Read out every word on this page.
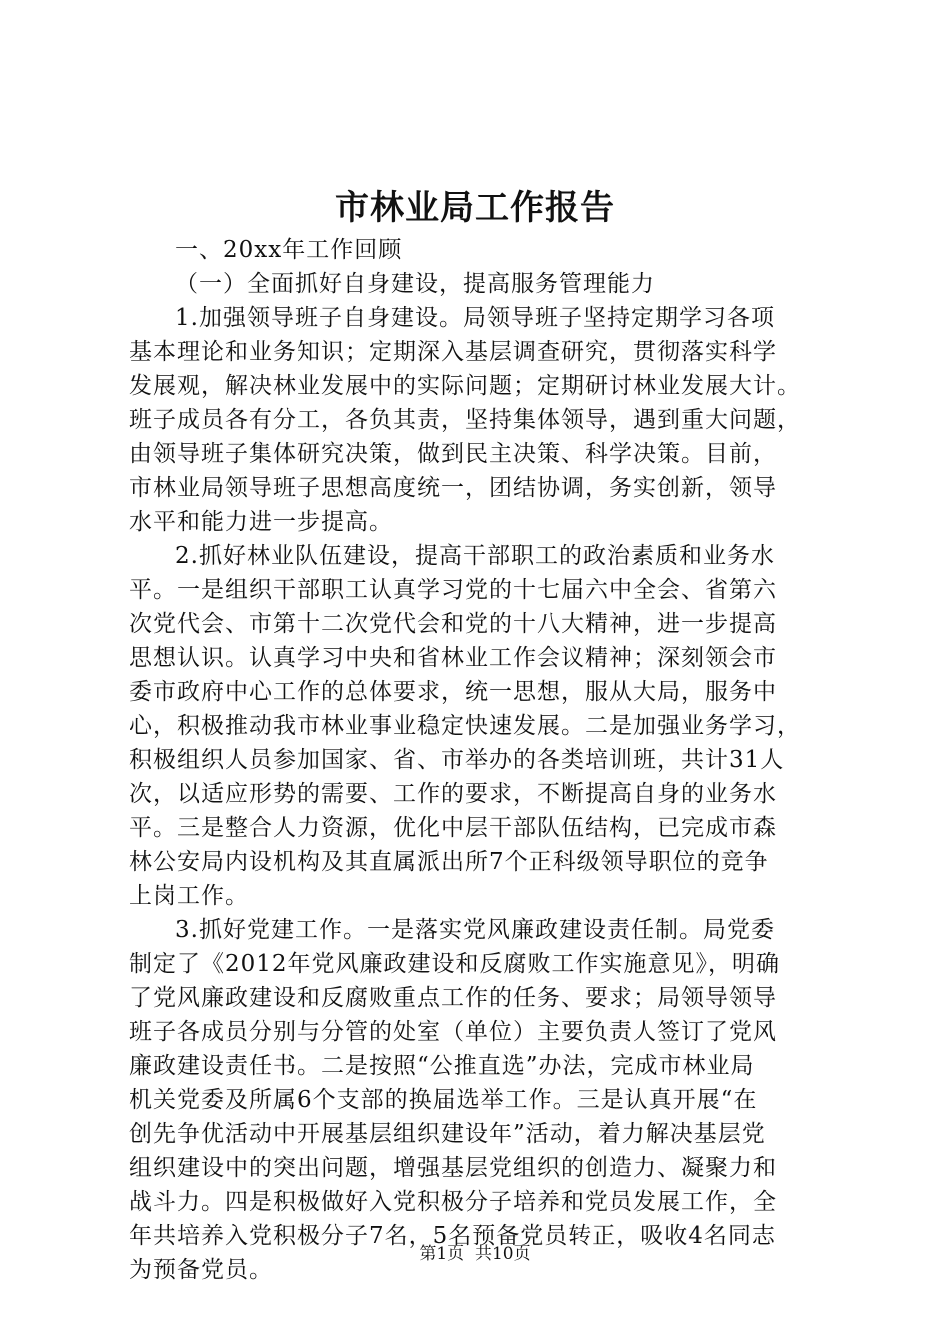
市林业局工作报告
一、20xx年工作回顾
（一）全面抓好自身建设，提高服务管理能力
1.加强领导班子自身建设。局领导班子坚持定期学习各项
基本理论和业务知识；定期深入基层调查研究，贯彻落实科学
发展观，解决林业发展中的实际问题；定期研讨林业发展大计。
班子成员各有分工，各负其责，坚持集体领导，遇到重大问题，
由领导班子集体研究决策，做到民主决策、科学决策。目前，
市林业局领导班子思想高度统一，团结协调，务实创新，领导
水平和能力进一步提高。
2.抓好林业队伍建设，提高干部职工的政治素质和业务水
平。一是组织干部职工认真学习党的十七届六中全会、省第六
次党代会、市第十二次党代会和党的十八大精神，进一步提高
思想认识。认真学习中央和省林业工作会议精神；深刻领会市
委市政府中心工作的总体要求，统一思想，服从大局，服务中
心，积极推动我市林业事业稳定快速发展。二是加强业务学习，
积极组织人员参加国家、省、市举办的各类培训班，共计31人
次，以适应形势的需要、工作的要求，不断提高自身的业务水
平。三是整合人力资源，优化中层干部队伍结构，已完成市森
林公安局内设机构及其直属派出所7个正科级领导职位的竞争
上岗工作。
3.抓好党建工作。一是落实党风廉政建设责任制。局党委
制定了《2012年党风廉政建设和反腐败工作实施意见》，明确
了党风廉政建设和反腐败重点工作的任务、要求；局领导领导
班子各成员分别与分管的处室（单位）主要负责人签订了党风
廉政建设责任书。二是按照“公推直选”办法，完成市林业局
机关党委及所属6个支部的换届选举工作。三是认真开展“在
创先争优活动中开展基层组织建设年”活动，着力解决基层党
组织建设中的突出问题，增强基层党组织的创造力、凝聚力和
战斗力。四是积极做好入党积极分子培养和党员发展工作，全
年共培养入党积极分子7名，5名预备党员转正，吸收4名同志
为预备党员。
第1页  共10页
